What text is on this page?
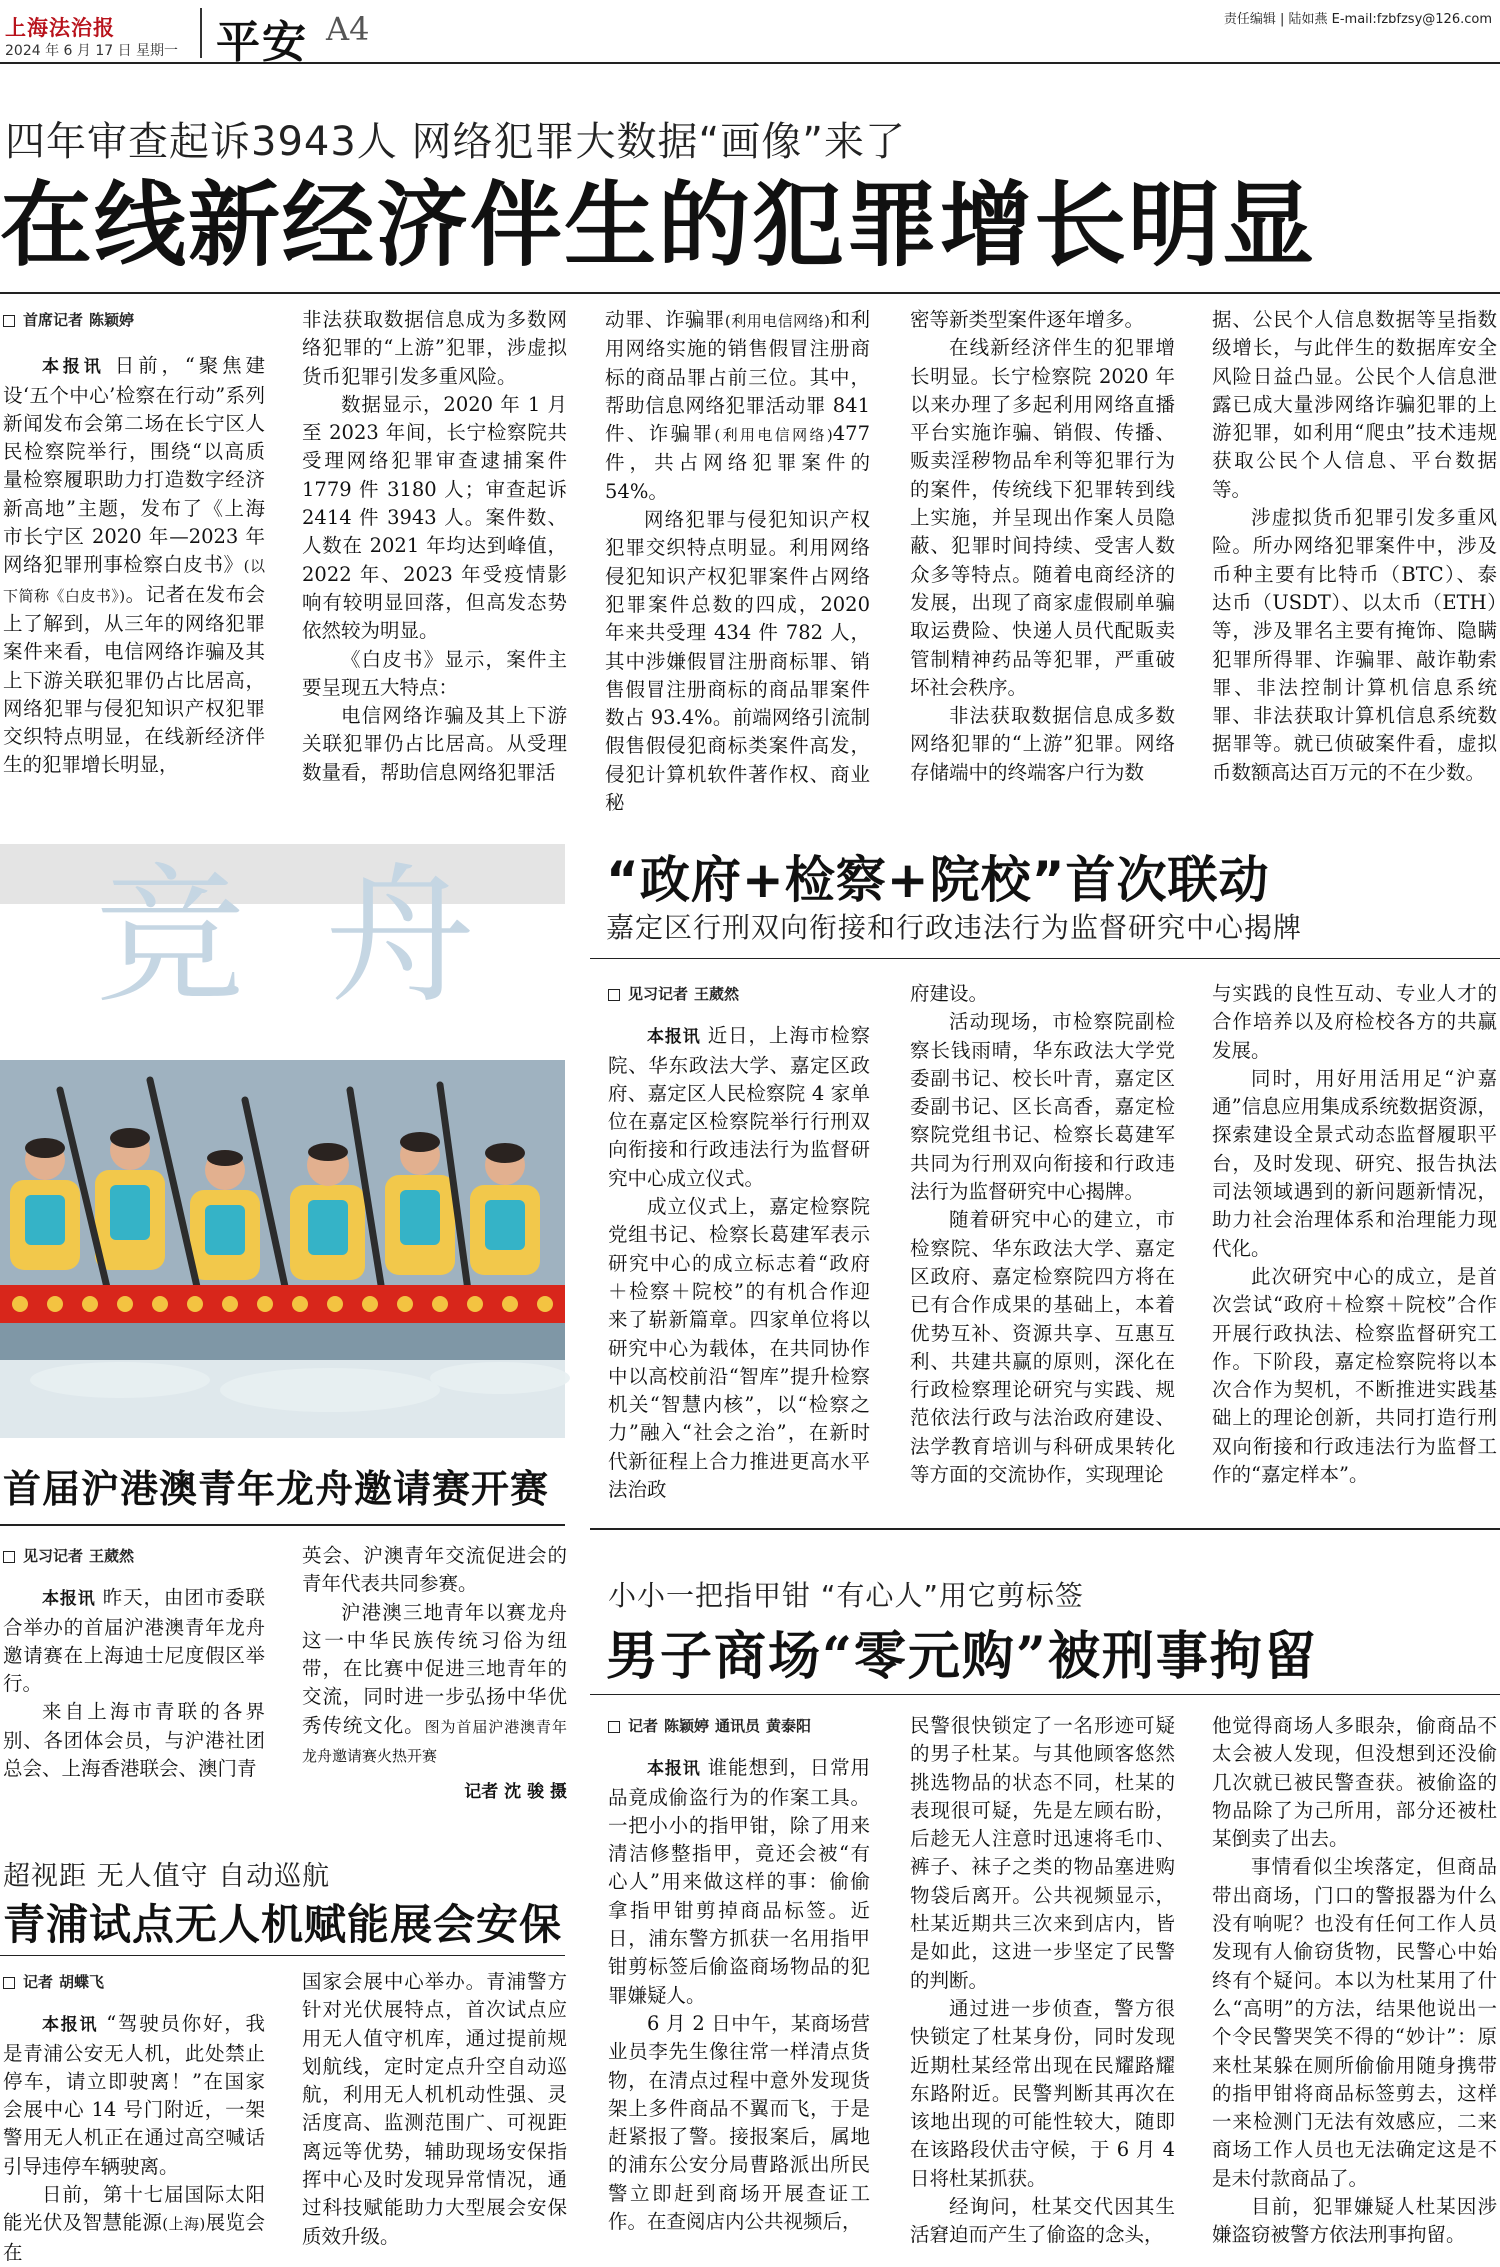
上海法治报
2024 年 6 月 17 日 星期一 平安 A4	责任编辑 | 陆如燕 E-mail:fzbfzsy@126.com
四年审查起诉3943人 网络犯罪大数据“画像”来了
在线新经济伴生的犯罪增长明显
首席记者 陈颖婷

本报讯 日前，“聚焦建设‘五个中心’检察在行动”系列新闻发布会第二场在长宁区人民检察院举行，围绕“以高质量检察履职助力打造数字经济新高地”主题，发布了《上海市长宁区 2020 年—2023 年网络犯罪刑事检察白皮书》(以下简称《白皮书》)。记者在发布会上了解到，从三年的网络犯罪案件来看，电信网络诈骗及其上下游关联犯罪仍占比居高，网络犯罪与侵犯知识产权犯罪交织特点明显，在线新经济伴生的犯罪增长明显，

非法获取数据信息成为多数网络犯罪的“上游”犯罪，涉虚拟货币犯罪引发多重风险。

数据显示，2020 年 1 月至 2023 年间，长宁检察院共受理网络犯罪审查逮捕案件 1779 件 3180 人；审查起诉 2414 件 3943 人。案件数、人数在 2021 年均达到峰值，2022 年、2023 年受疫情影响有较明显回落，但高发态势依然较为明显。

《白皮书》显示，案件主要呈现五大特点：

电信网络诈骗及其上下游关联犯罪仍占比居高。从受理数量看，帮助信息网络犯罪活

动罪、诈骗罪(利用电信网络)和利用网络实施的销售假冒注册商标的商品罪占前三位。其中，帮助信息网络犯罪活动罪 841 件、诈骗罪(利用电信网络)477 件，共占网络犯罪案件的 54%。

网络犯罪与侵犯知识产权犯罪交织特点明显。利用网络侵犯知识产权犯罪案件占网络犯罪案件总数的四成，2020 年来共受理 434 件 782 人，其中涉嫌假冒注册商标罪、销售假冒注册商标的商品罪案件数占 93.4%。前端网络引流制假售假侵犯商标类案件高发，侵犯计算机软件著作权、商业秘

密等新类型案件逐年增多。

在线新经济伴生的犯罪增长明显。长宁检察院 2020 年以来办理了多起利用网络直播平台实施诈骗、销假、传播、贩卖淫秽物品牟利等犯罪行为的案件，传统线下犯罪转到线上实施，并呈现出作案人员隐蔽、犯罪时间持续、受害人数众多等特点。随着电商经济的发展，出现了商家虚假刷单骗取运费险、快递人员代配販卖管制精神药品等犯罪，严重破坏社会秩序。

非法获取数据信息成多数网络犯罪的“上游”犯罪。网络存储端中的终端客户行为数

据、公民个人信息数据等呈指数级增长，与此伴生的数据库安全风险日益凸显。公民个人信息泄露已成大量涉网络诈骗犯罪的上游犯罪，如利用“爬虫”技术违规获取公民个人信息、平台数据等。

涉虚拟货币犯罪引发多重风险。所办网络犯罪案件中，涉及币种主要有比特币（BTC）、泰达币（USDT）、以太币（ETH）等，涉及罪名主要有掩饰、隐瞒犯罪所得罪、诈骗罪、敲诈勒索罪、非法控制计算机信息系统罪、非法获取计算机信息系统数据罪等。就已侦破案件看，虚拟币数额高达百万元的不在少数。

竞舟
首届沪港澳青年龙舟邀请赛开赛
见习记者 王葳然

本报讯 昨天，由团市委联合举办的首届沪港澳青年龙舟邀请赛在上海迪士尼度假区举行。

来自上海市青联的各界别、各团体会员，与沪港社团总会、上海香港联会、澳门青

英会、沪澳青年交流促进会的青年代表共同参赛。

沪港澳三地青年以赛龙舟这一中华民族传统习俗为纽带，在比赛中促进三地青年的交流，同时进一步弘扬中华优秀传统文化。图为首届沪港澳青年龙舟邀请赛火热开赛

记者 沈 骏 摄
“政府+检察+院校”首次联动
嘉定区行刑双向衔接和行政违法行为监督研究中心揭牌
见习记者 王葳然

本报讯 近日，上海市检察院、华东政法大学、嘉定区政府、嘉定区人民检察院 4 家单位在嘉定区检察院举行行刑双向衔接和行政违法行为监督研究中心成立仪式。

成立仪式上，嘉定检察院党组书记、检察长葛建军表示研究中心的成立标志着“政府＋检察＋院校”的有机合作迎来了崭新篇章。四家单位将以研究中心为载体，在共同协作中以高校前沿“智库”提升检察机关“智慧内核”，以“检察之力”融入“社会之治”，在新时代新征程上合力推进更高水平法治政

府建设。

活动现场，市检察院副检察长钱雨晴，华东政法大学党委副书记、校长叶青，嘉定区委副书记、区长高香，嘉定检察院党组书记、检察长葛建军共同为行刑双向衔接和行政违法行为监督研究中心揭牌。

随着研究中心的建立，市检察院、华东政法大学、嘉定区政府、嘉定检察院四方将在已有合作成果的基础上，本着优势互补、资源共享、互惠互利、共建共赢的原则，深化在行政检察理论研究与实践、规范依法行政与法治政府建设、法学教育培训与科研成果转化等方面的交流协作，实现理论

与实践的良性互动、专业人才的合作培养以及府检校各方的共赢发展。

同时，用好用活用足“沪嘉通”信息应用集成系统数据资源，探索建设全景式动态监督履职平台，及时发现、研究、报告执法司法领域遇到的新问题新情况，助力社会治理体系和治理能力现代化。

此次研究中心的成立，是首次尝试“政府＋检察＋院校”合作开展行政执法、检察监督研究工作。下阶段，嘉定检察院将以本次合作为契机，不断推进实践基础上的理论创新，共同打造行刑双向衔接和行政违法行为监督工作的“嘉定样本”。

小小一把指甲钳 “有心人”用它剪标签
男子商场“零元购”被刑事拘留
记者 陈颖婷 通讯员 黄泰阳

本报讯 谁能想到，日常用品竟成偷盗行为的作案工具。一把小小的指甲钳，除了用来清洁修整指甲，竟还会被“有心人”用来做这样的事：偷偷拿指甲钳剪掉商品标签。近日，浦东警方抓获一名用指甲钳剪标签后偷盗商场物品的犯罪嫌疑人。

6 月 2 日中午，某商场营业员李先生像往常一样清点货物，在清点过程中意外发现货架上多件商品不翼而飞，于是赶紧报了警。接报案后，属地的浦东公安分局曹路派出所民警立即赶到商场开展查证工作。在查阅店内公共视频后，

民警很快锁定了一名形迹可疑的男子杜某。与其他顾客悠然挑选物品的状态不同，杜某的表现很可疑，先是左顾右盼，后趁无人注意时迅速将毛巾、裤子、袜子之类的物品塞进购物袋后离开。公共视频显示，杜某近期共三次来到店内，皆是如此，这进一步坚定了民警的判断。

通过进一步侦查，警方很快锁定了杜某身份，同时发现近期杜某经常出现在民耀路耀东路附近。民警判断其再次在该地出现的可能性较大，随即在该路段伏击守候，于 6 月 4 日将杜某抓获。

经询问，杜某交代因其生活窘迫而产生了偷盗的念头，

他觉得商场人多眼杂，偷商品不太会被人发现，但没想到还没偷几次就已被民警查获。被偷盗的物品除了为己所用，部分还被杜某倒卖了出去。

事情看似尘埃落定，但商品带出商场，门口的警报器为什么没有响呢？也没有任何工作人员发现有人偷窃货物，民警心中始终有个疑问。本以为杜某用了什么“高明”的方法，结果他说出一个令民警哭笑不得的“妙计”：原来杜某躲在厕所偷偷用随身携带的指甲钳将商品标签剪去，这样一来检测门无法有效感应，二来商场工作人员也无法确定这是不是未付款商品了。

目前，犯罪嫌疑人杜某因涉嫌盗窃被警方依法刑事拘留。

超视距 无人值守 自动巡航
青浦试点无人机赋能展会安保
记者 胡蝶飞

本报讯 “驾驶员你好，我是青浦公安无人机，此处禁止停车，请立即驶离！”在国家会展中心 14 号门附近，一架警用无人机正在通过高空喊话引导违停车辆驶离。

日前，第十七届国际太阳能光伏及智慧能源(上海)展览会在

国家会展中心举办。青浦警方针对光伏展特点，首次试点应用无人值守机库，通过提前规划航线，定时定点升空自动巡航，利用无人机机动性强、灵活度高、监测范围广、可视距离远等优势，辅助现场安保指挥中心及时发现异常情况，通过科技赋能助力大型展会安保质效升级。
